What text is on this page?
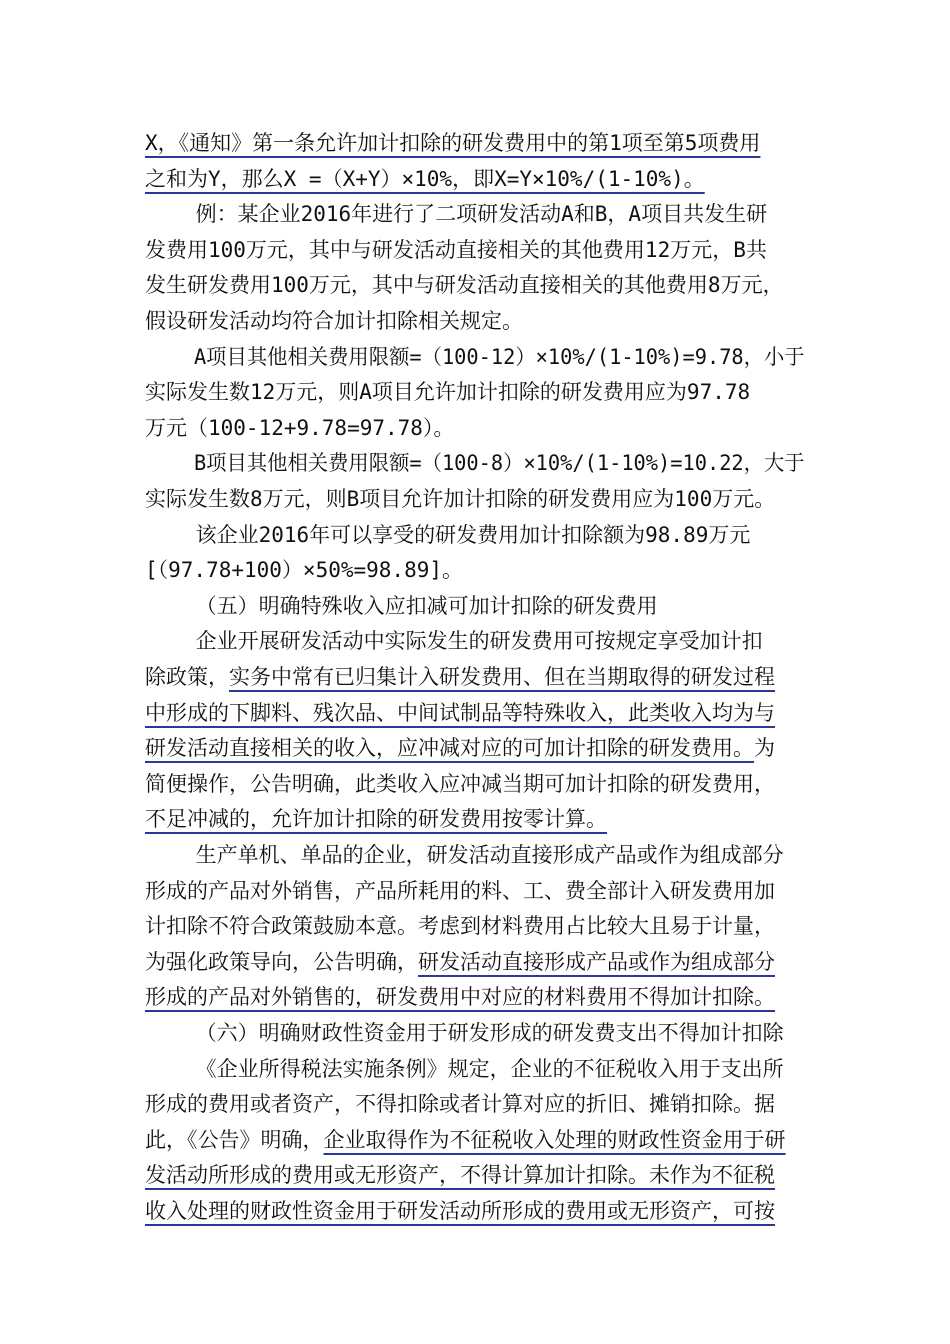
X，《通知》第一条允许加计扣除的研发费用中的第1项至第5项费用
之和为Y，那么X =（X+Y）×10%，即X=Y×10%/(1-10%)。
例：某企业2016年进行了二项研发活动A和B，A项目共发生研
发费用100万元，其中与研发活动直接相关的其他费用12万元，B共
发生研发费用100万元，其中与研发活动直接相关的其他费用8万元，
假设研发活动均符合加计扣除相关规定。
A项目其他相关费用限额=（100-12）×10%/(1-10%)=9.78，小于
实际发生数12万元，则A项目允许加计扣除的研发费用应为97.78
万元（100-12+9.78=97.78）。
B项目其他相关费用限额=（100-8）×10%/(1-10%)=10.22，大于
实际发生数8万元，则B项目允许加计扣除的研发费用应为100万元。
该企业2016年可以享受的研发费用加计扣除额为98.89万元
[（97.78+100）×50%=98.89]。
（五）明确特殊收入应扣减可加计扣除的研发费用
企业开展研发活动中实际发生的研发费用可按规定享受加计扣
除政策，实务中常有已归集计入研发费用、但在当期取得的研发过程
中形成的下脚料、残次品、中间试制品等特殊收入，此类收入均为与
研发活动直接相关的收入，应冲减对应的可加计扣除的研发费用。为
简便操作，公告明确，此类收入应冲减当期可加计扣除的研发费用，
不足冲减的，允许加计扣除的研发费用按零计算。
生产单机、单品的企业，研发活动直接形成产品或作为组成部分
形成的产品对外销售，产品所耗用的料、工、费全部计入研发费用加
计扣除不符合政策鼓励本意。考虑到材料费用占比较大且易于计量，
为强化政策导向，公告明确，研发活动直接形成产品或作为组成部分
形成的产品对外销售的，研发费用中对应的材料费用不得加计扣除。
（六）明确财政性资金用于研发形成的研发费支出不得加计扣除
《企业所得税法实施条例》规定，企业的不征税收入用于支出所
形成的费用或者资产，不得扣除或者计算对应的折旧、摊销扣除。据
此，《公告》明确，企业取得作为不征税收入处理的财政性资金用于研
发活动所形成的费用或无形资产，不得计算加计扣除。未作为不征税
收入处理的财政性资金用于研发活动所形成的费用或无形资产，可按
